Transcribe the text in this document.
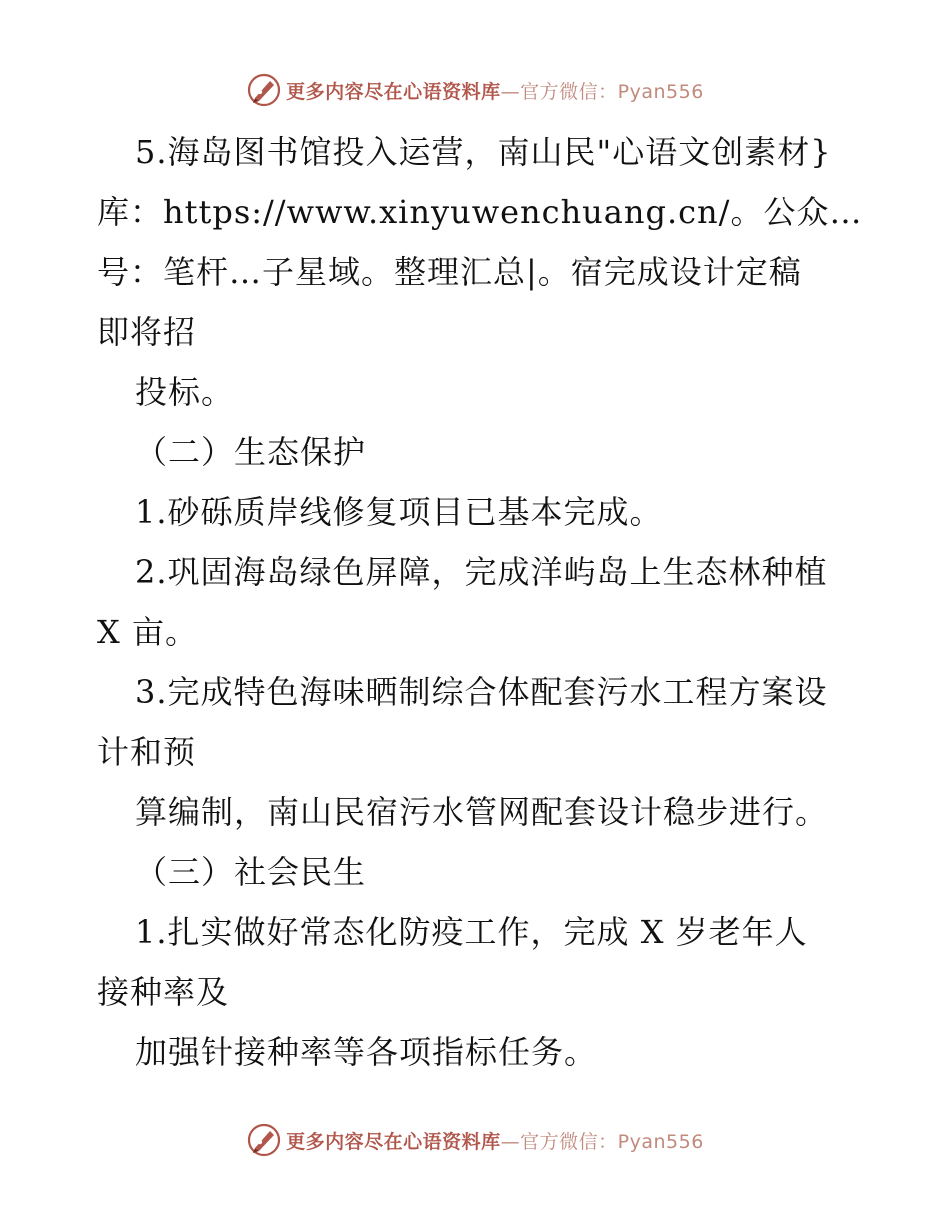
更多内容尽在心语资料库—官方微信：Pyan556
5.海岛图书馆投入运营，南山民"心语文创素材}
库：https://www.xinyuwenchuang.cn/。公众…
号：笔杆…子星域。整理汇总|。宿完成设计定稿
即将招
投标。
（二）生态保护
1.砂砾质岸线修复项目已基本完成。
2.巩固海岛绿色屏障，完成洋屿岛上生态林种植
X 亩。
3.完成特色海味晒制综合体配套污水工程方案设
计和预
算编制，南山民宿污水管网配套设计稳步进行。
（三）社会民生
1.扎实做好常态化防疫工作，完成 X 岁老年人
接种率及
加强针接种率等各项指标任务。
更多内容尽在心语资料库—官方微信：Pyan556
